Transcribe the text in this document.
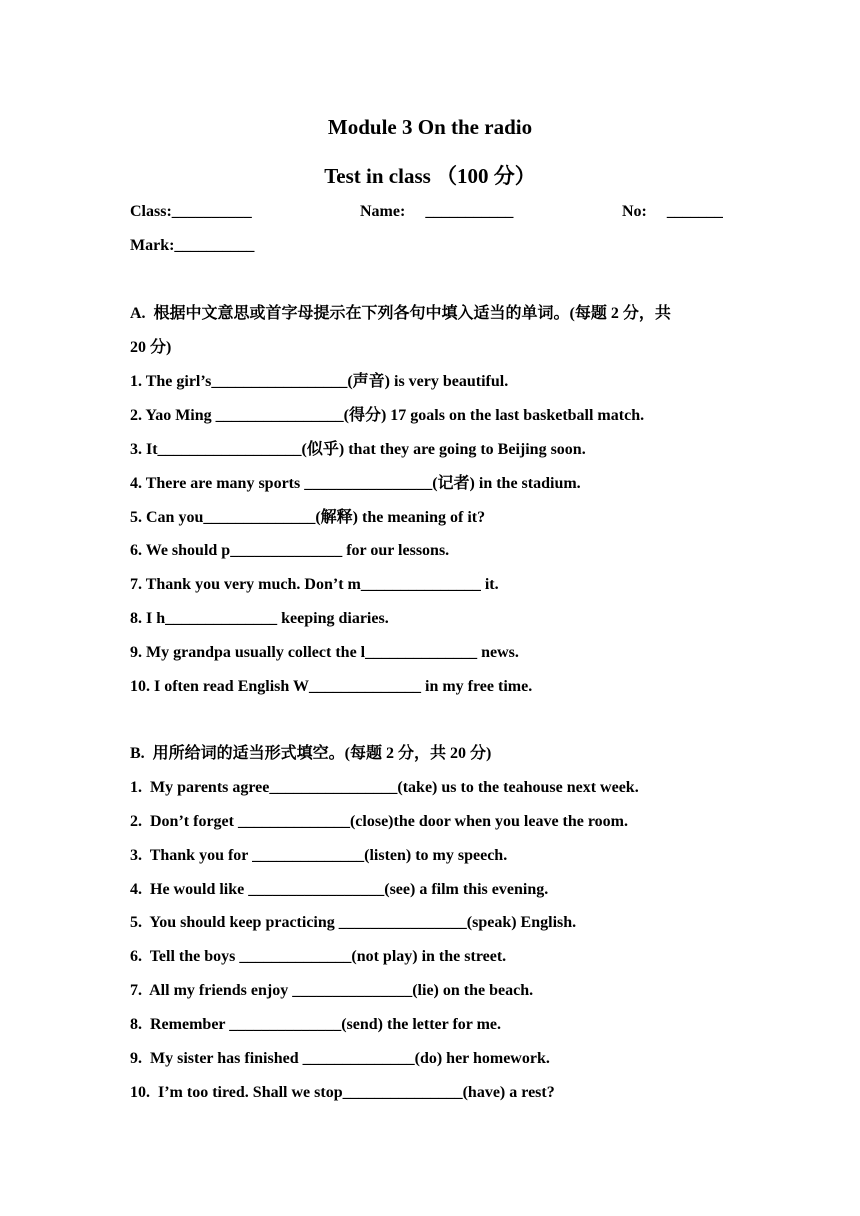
Module 3 On the radio
Test in class （100 分）
Class:__________	Name:     ___________	No:     _______
Mark:__________
A.  根据中文意思或首字母提示在下列各句中填入适当的单词。(每题 2 分，共
20 分)
1. The girl’s_________________(声音) is very beautiful.
2. Yao Ming ________________(得分) 17 goals on the last basketball match.
3. It__________________(似乎) that they are going to Beijing soon.
4. There are many sports ________________(记者) in the stadium.
5. Can you______________(解释) the meaning of it?
6. We should p______________ for our lessons.
7. Thank you very much. Don’t m_______________ it.
8. I h______________ keeping diaries.
9. My grandpa usually collect the l______________ news.
10. I often read English W______________ in my free time.
B.  用所给词的适当形式填空。(每题 2 分，共 20 分)
1.  My parents agree________________(take) us to the teahouse next week.
2.  Don’t forget ______________(close)the door when you leave the room.
3.  Thank you for ______________(listen) to my speech.
4.  He would like _________________(see) a film this evening.
5.  You should keep practicing ________________(speak) English.
6.  Tell the boys ______________(not play) in the street.
7.  All my friends enjoy _______________(lie) on the beach.
8.  Remember ______________(send) the letter for me.
9.  My sister has finished ______________(do) her homework.
10.  I’m too tired. Shall we stop_______________(have) a rest?
